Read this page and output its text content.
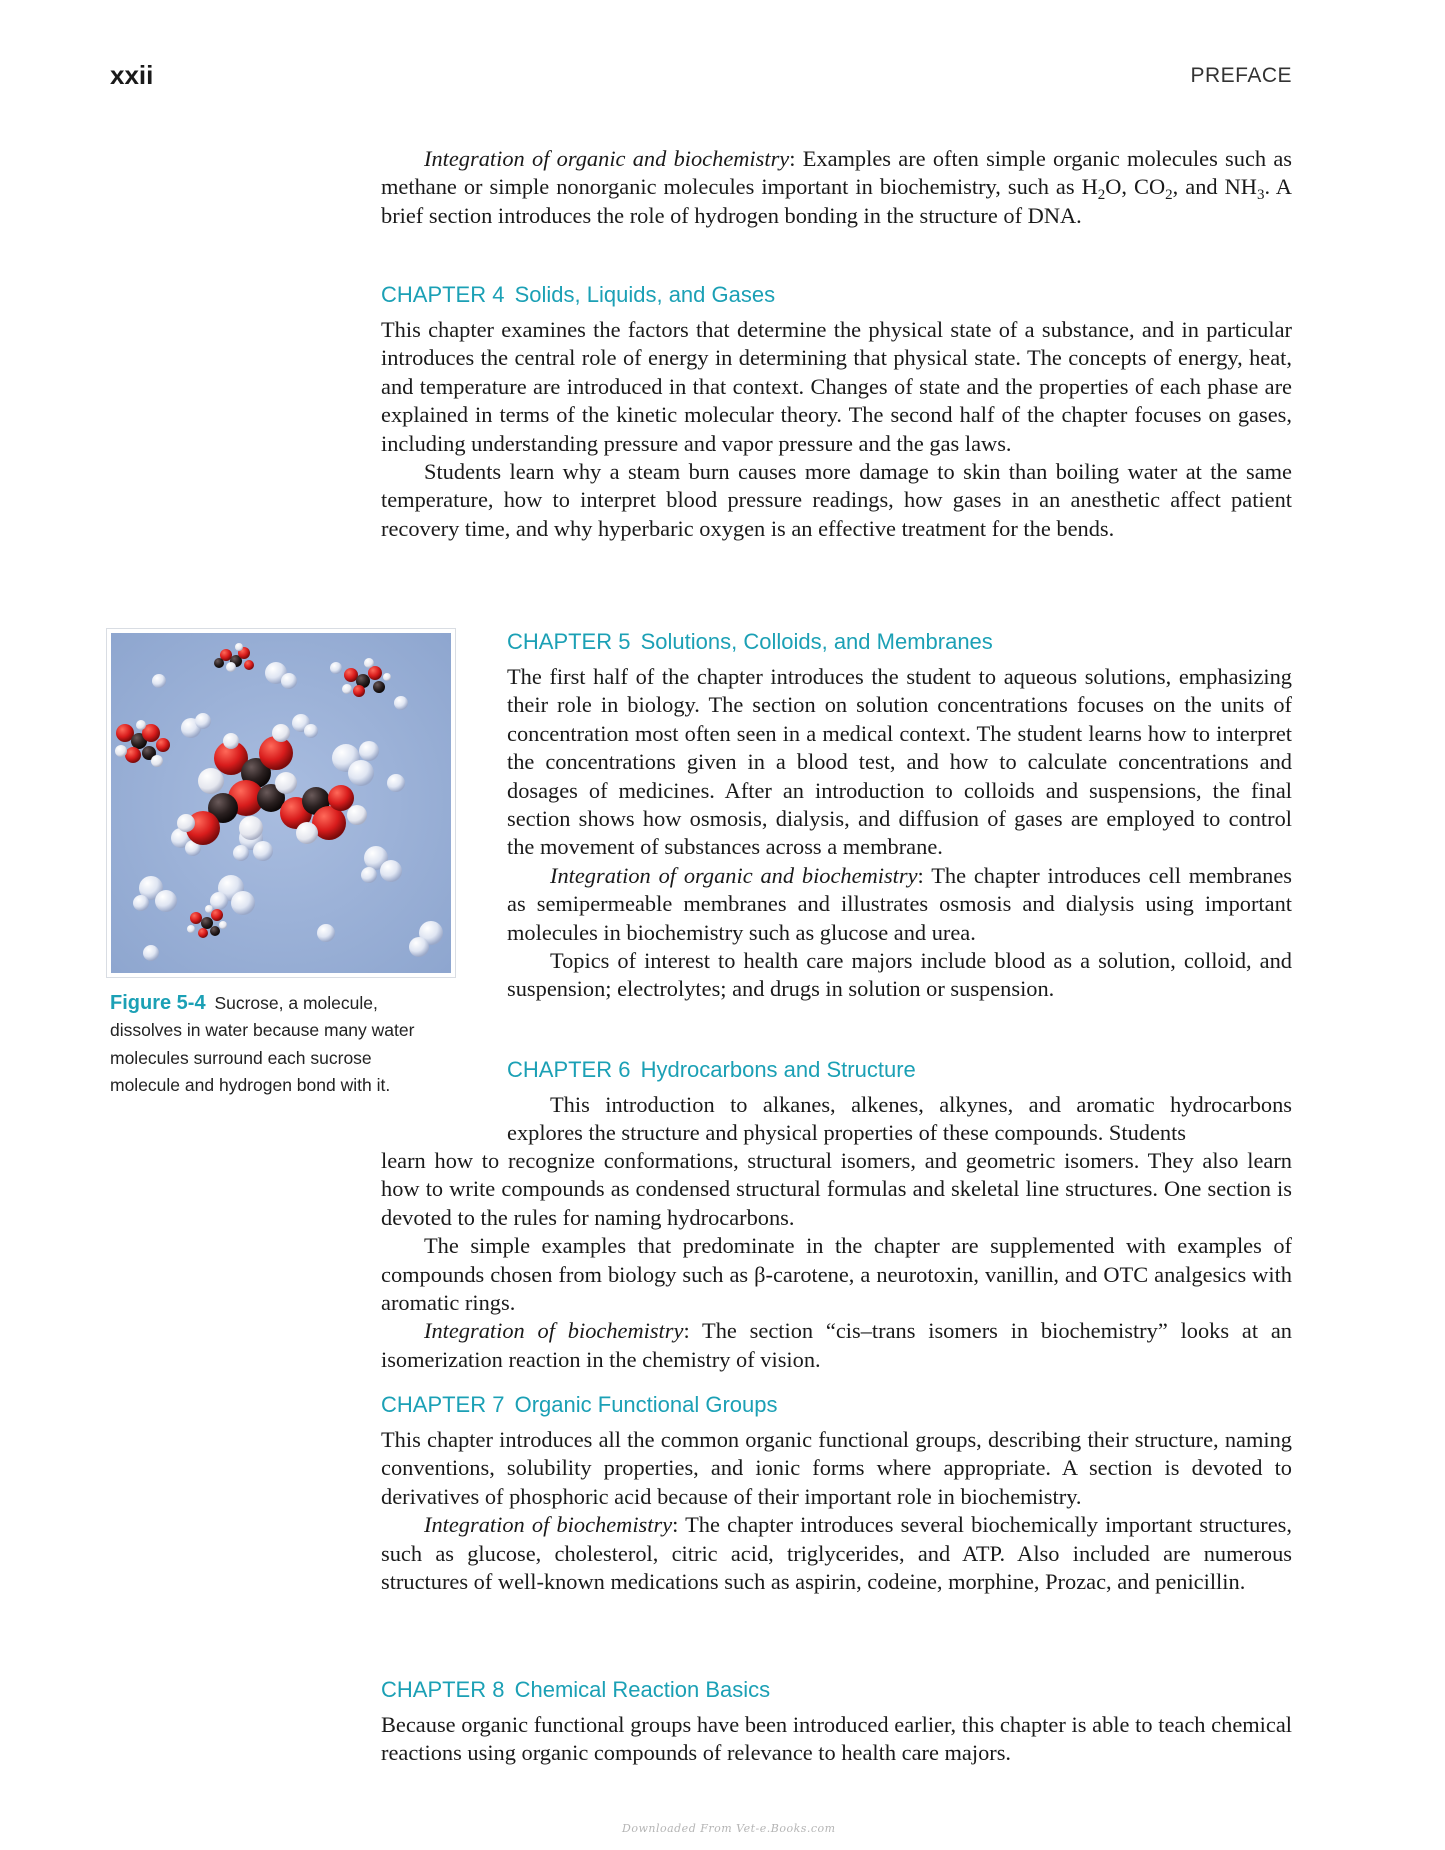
xxii	PREFACE

Integration of organic and biochemistry: Examples are often simple organic molecules such as methane or simple nonorganic molecules important in biochemistry, such as $H_2O$, $CO_2$, and $NH_3$. A brief section introduces the role of hydrogen bonding in the structure of DNA.

CHAPTER 4 Solids, Liquids, and Gases

This chapter examines the factors that determine the physical state of a substance, and in particular introduces the central role of energy in determining that physical state. The concepts of energy, heat, and temperature are introduced in that context. Changes of state and the properties of each phase are explained in terms of the kinetic molecular theory. The second half of the chapter focuses on gases, including understanding pressure and vapor pressure and the gas laws.

Students learn why a steam burn causes more damage to skin than boiling water at the same temperature, how to interpret blood pressure readings, how gases in an anesthetic affect patient recovery time, and why hyperbaric oxygen is an effective treatment for the bends.

Figure 5-4 Sucrose, a molecule, dissolves in water because many water molecules surround each sucrose molecule and hydrogen bond with it.
CHAPTER 5 Solutions, Colloids, and Membranes

The first half of the chapter introduces the student to aqueous solutions, emphasizing their role in biology. The section on solution concentrations focuses on the units of concentration most often seen in a medical context. The student learns how to interpret the concentrations given in a blood test, and how to calculate concentrations and dosages of medicines. After an introduction to colloids and suspensions, the final section shows how osmosis, dialysis, and diffusion of gases are employed to control the movement of substances across a membrane.

Integration of organic and biochemistry: The chapter introduces cell membranes as semipermeable membranes and illustrates osmosis and dialysis using important molecules in biochemistry such as glucose and urea.

Topics of interest to health care majors include blood as a solution, colloid, and suspension; electrolytes; and drugs in solution or suspension.

CHAPTER 6 Hydrocarbons and Structure

This introduction to alkanes, alkenes, alkynes, and aromatic hydrocarbons explores the structure and physical properties of these compounds. Students

learn how to recognize conformations, structural isomers, and geometric isomers. They also learn how to write compounds as condensed structural formulas and skeletal line structures. One section is devoted to the rules for naming hydrocarbons.

The simple examples that predominate in the chapter are supplemented with examples of compounds chosen from biology such as β-carotene, a neurotoxin, vanillin, and OTC analgesics with aromatic rings.

Integration of biochemistry: The section “cis–trans isomers in biochemistry” looks at an isomerization reaction in the chemistry of vision.

CHAPTER 7 Organic Functional Groups

This chapter introduces all the common organic functional groups, describing their structure, naming conventions, solubility properties, and ionic forms where appropriate. A section is devoted to derivatives of phosphoric acid because of their important role in biochemistry.

Integration of biochemistry: The chapter introduces several biochemically important structures, such as glucose, cholesterol, citric acid, triglycerides, and ATP. Also included are numerous structures of well-known medications such as aspirin, codeine, morphine, Prozac, and penicillin.

CHAPTER 8 Chemical Reaction Basics

Because organic functional groups have been introduced earlier, this chapter is able to teach chemical reactions using organic compounds of relevance to health care majors.

Downloaded From Vet-e.Books.com
